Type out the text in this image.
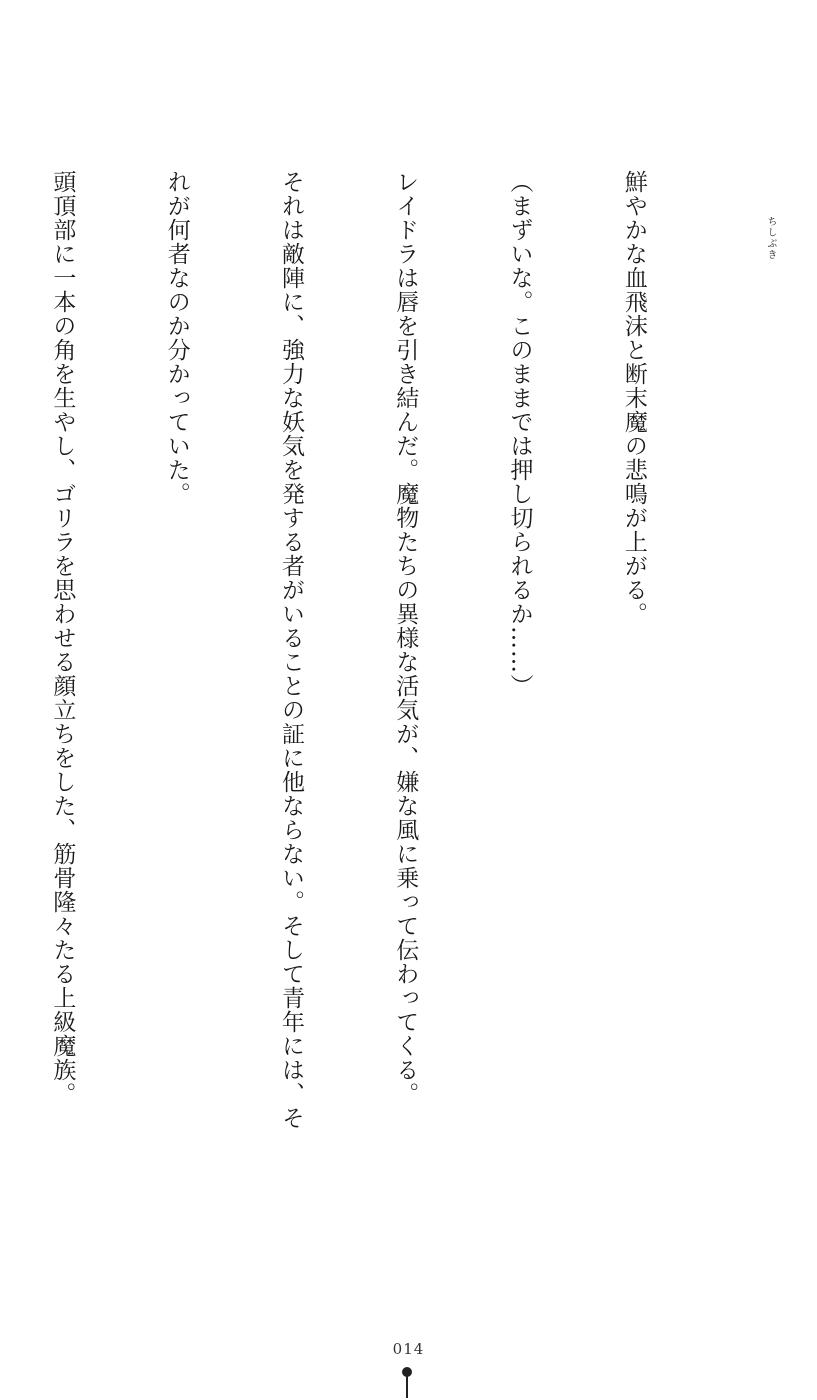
ちしぶき

鮮やかな血飛沫と断末魔の悲鳴が上がる。

（まずいな。このままでは押し切られるか……）

レイドラは唇を引き結んだ。魔物たちの異様な活気が、嫌な風に乗って伝わってくる。

それは敵陣に、強力な妖気を発する者がいることの証に他ならない。そして青年には、そ

れが何者なのか分かっていた。

頭頂部に一本の角を生やし、ゴリラを思わせる顔立ちをした、筋骨隆々たる上級魔族。

014
